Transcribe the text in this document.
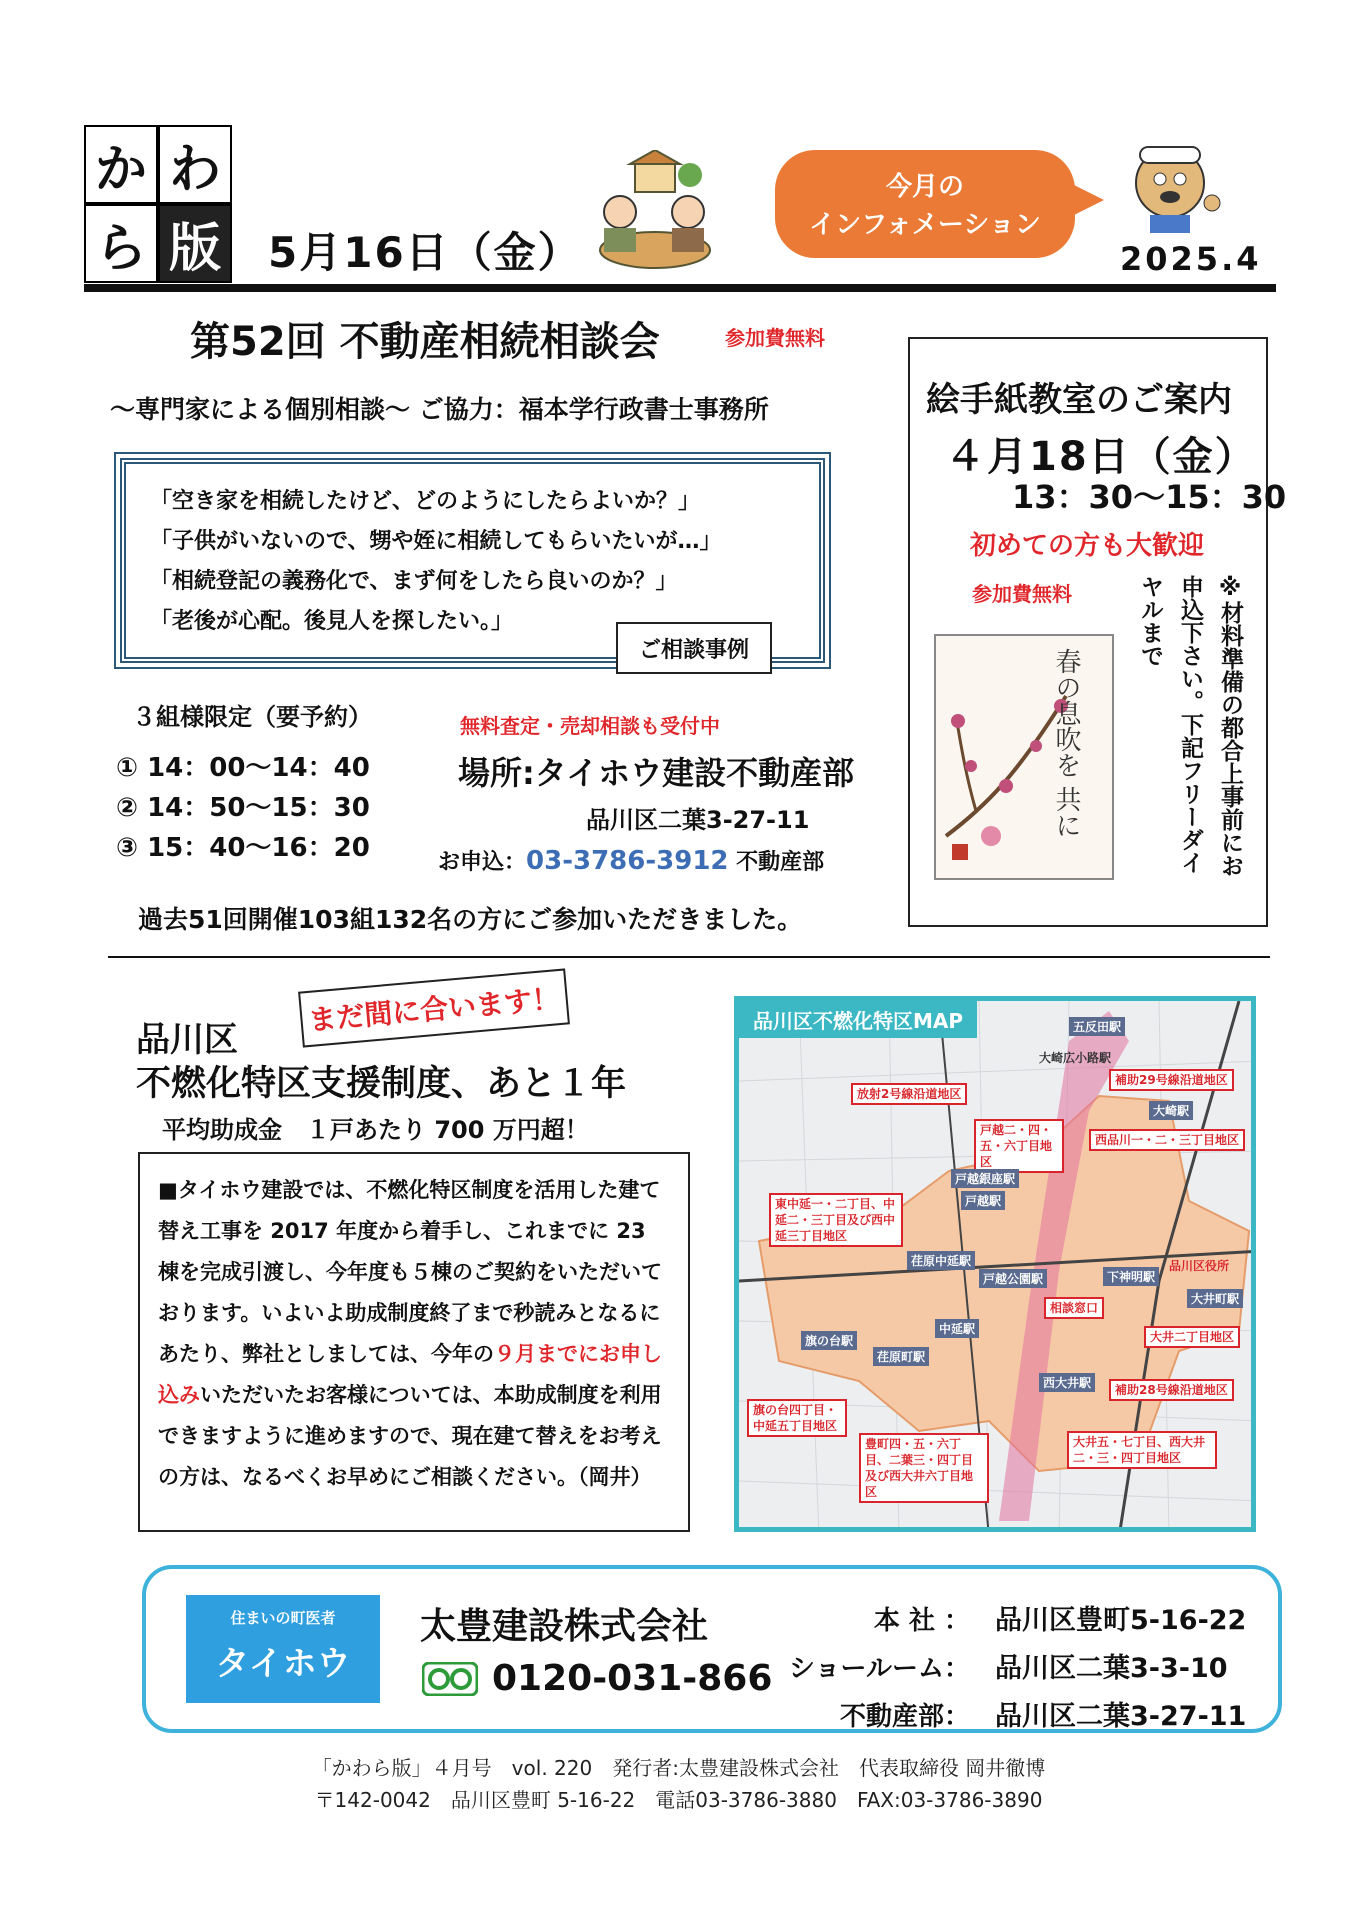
か わ
ら 版 5月16日（金）
今月の
インフォメーション
2025.4
第52回 不動産相続相談会	参加費無料
～専門家による個別相談～ ご協力：福本学行政書士事務所
「空き家を相続したけど、どのようにしたらよいか？」
「子供がいないので、甥や姪に相続してもらいたいが…」
「相続登記の義務化で、まず何をしたら良いのか？」
「老後が心配。後見人を探したい。」
ご相談事例
３組様限定（要予約）
① 14：00～14：40
② 14：50～15：30
③ 15：40～16：20
無料査定・売却相談も受付中
場所:タイホウ建設不動産部
品川区二葉3-27-11
お申込：03-3786-3912 不動産部
過去51回開催103組132名の方にご参加いただきました。
絵手紙教室のご案内
４月18日（金）
13：30～15：30
初めての方も大歓迎
参加費無料	※材料準備の都合上事前にお申込下さい。下記フリーダイヤルまで
春の息吹を 共に
品川区
まだ間に合います！
不燃化特区支援制度、あと１年
平均助成金　１戸あたり 700 万円超！
■タイホウ建設では、不燃化特区制度を活用した建て替え工事を 2017 年度から着手し、これまでに 23 棟を完成引渡し、今年度も５棟のご契約をいただいております。いよいよ助成制度終了まで秒読みとなるにあたり、弊社としましては、今年の９月までにお申し込みいただいたお客様については、本助成制度を利用できますように進めますので、現在建て替えをお考えの方は、なるべくお早めにご相談ください。（岡井）
品川区不燃化特区MAP
放射2号線沿道地区
戸越二・四・五・六丁目地区
東中延一・二丁目、中延二・三丁目及び西中延三丁目地区
旗の台四丁目・中延五丁目地区
豊町四・五・六丁目、二葉三・四丁目及び西大井六丁目地区
西品川一・二・三丁目地区
補助29号線沿道地区
大井二丁目地区
補助28号線沿道地区
大井五・七丁目、西大井二・三・四丁目地区
五反田駅
大崎広小路駅
大崎駅
戸越銀座駅
戸越駅
荏原中延駅
戸越公園駅	下神明駅
大井町駅
中延駅
旗の台駅
荏原町駅
西大井駅
相談窓口
品川区役所
住まいの町医者
タイホウ
太豊建設株式会社
0120-031-866
本 社 ： 品川区豊町5-16-22
ショールーム： 品川区二葉3-3-10
不動産部： 品川区二葉3-27-11
「かわら版」４月号　vol. 220　発行者:太豊建設株式会社　代表取締役 岡井徹博
〒142-0042　品川区豊町 5-16-22　電話03-3786-3880　FAX:03-3786-3890
